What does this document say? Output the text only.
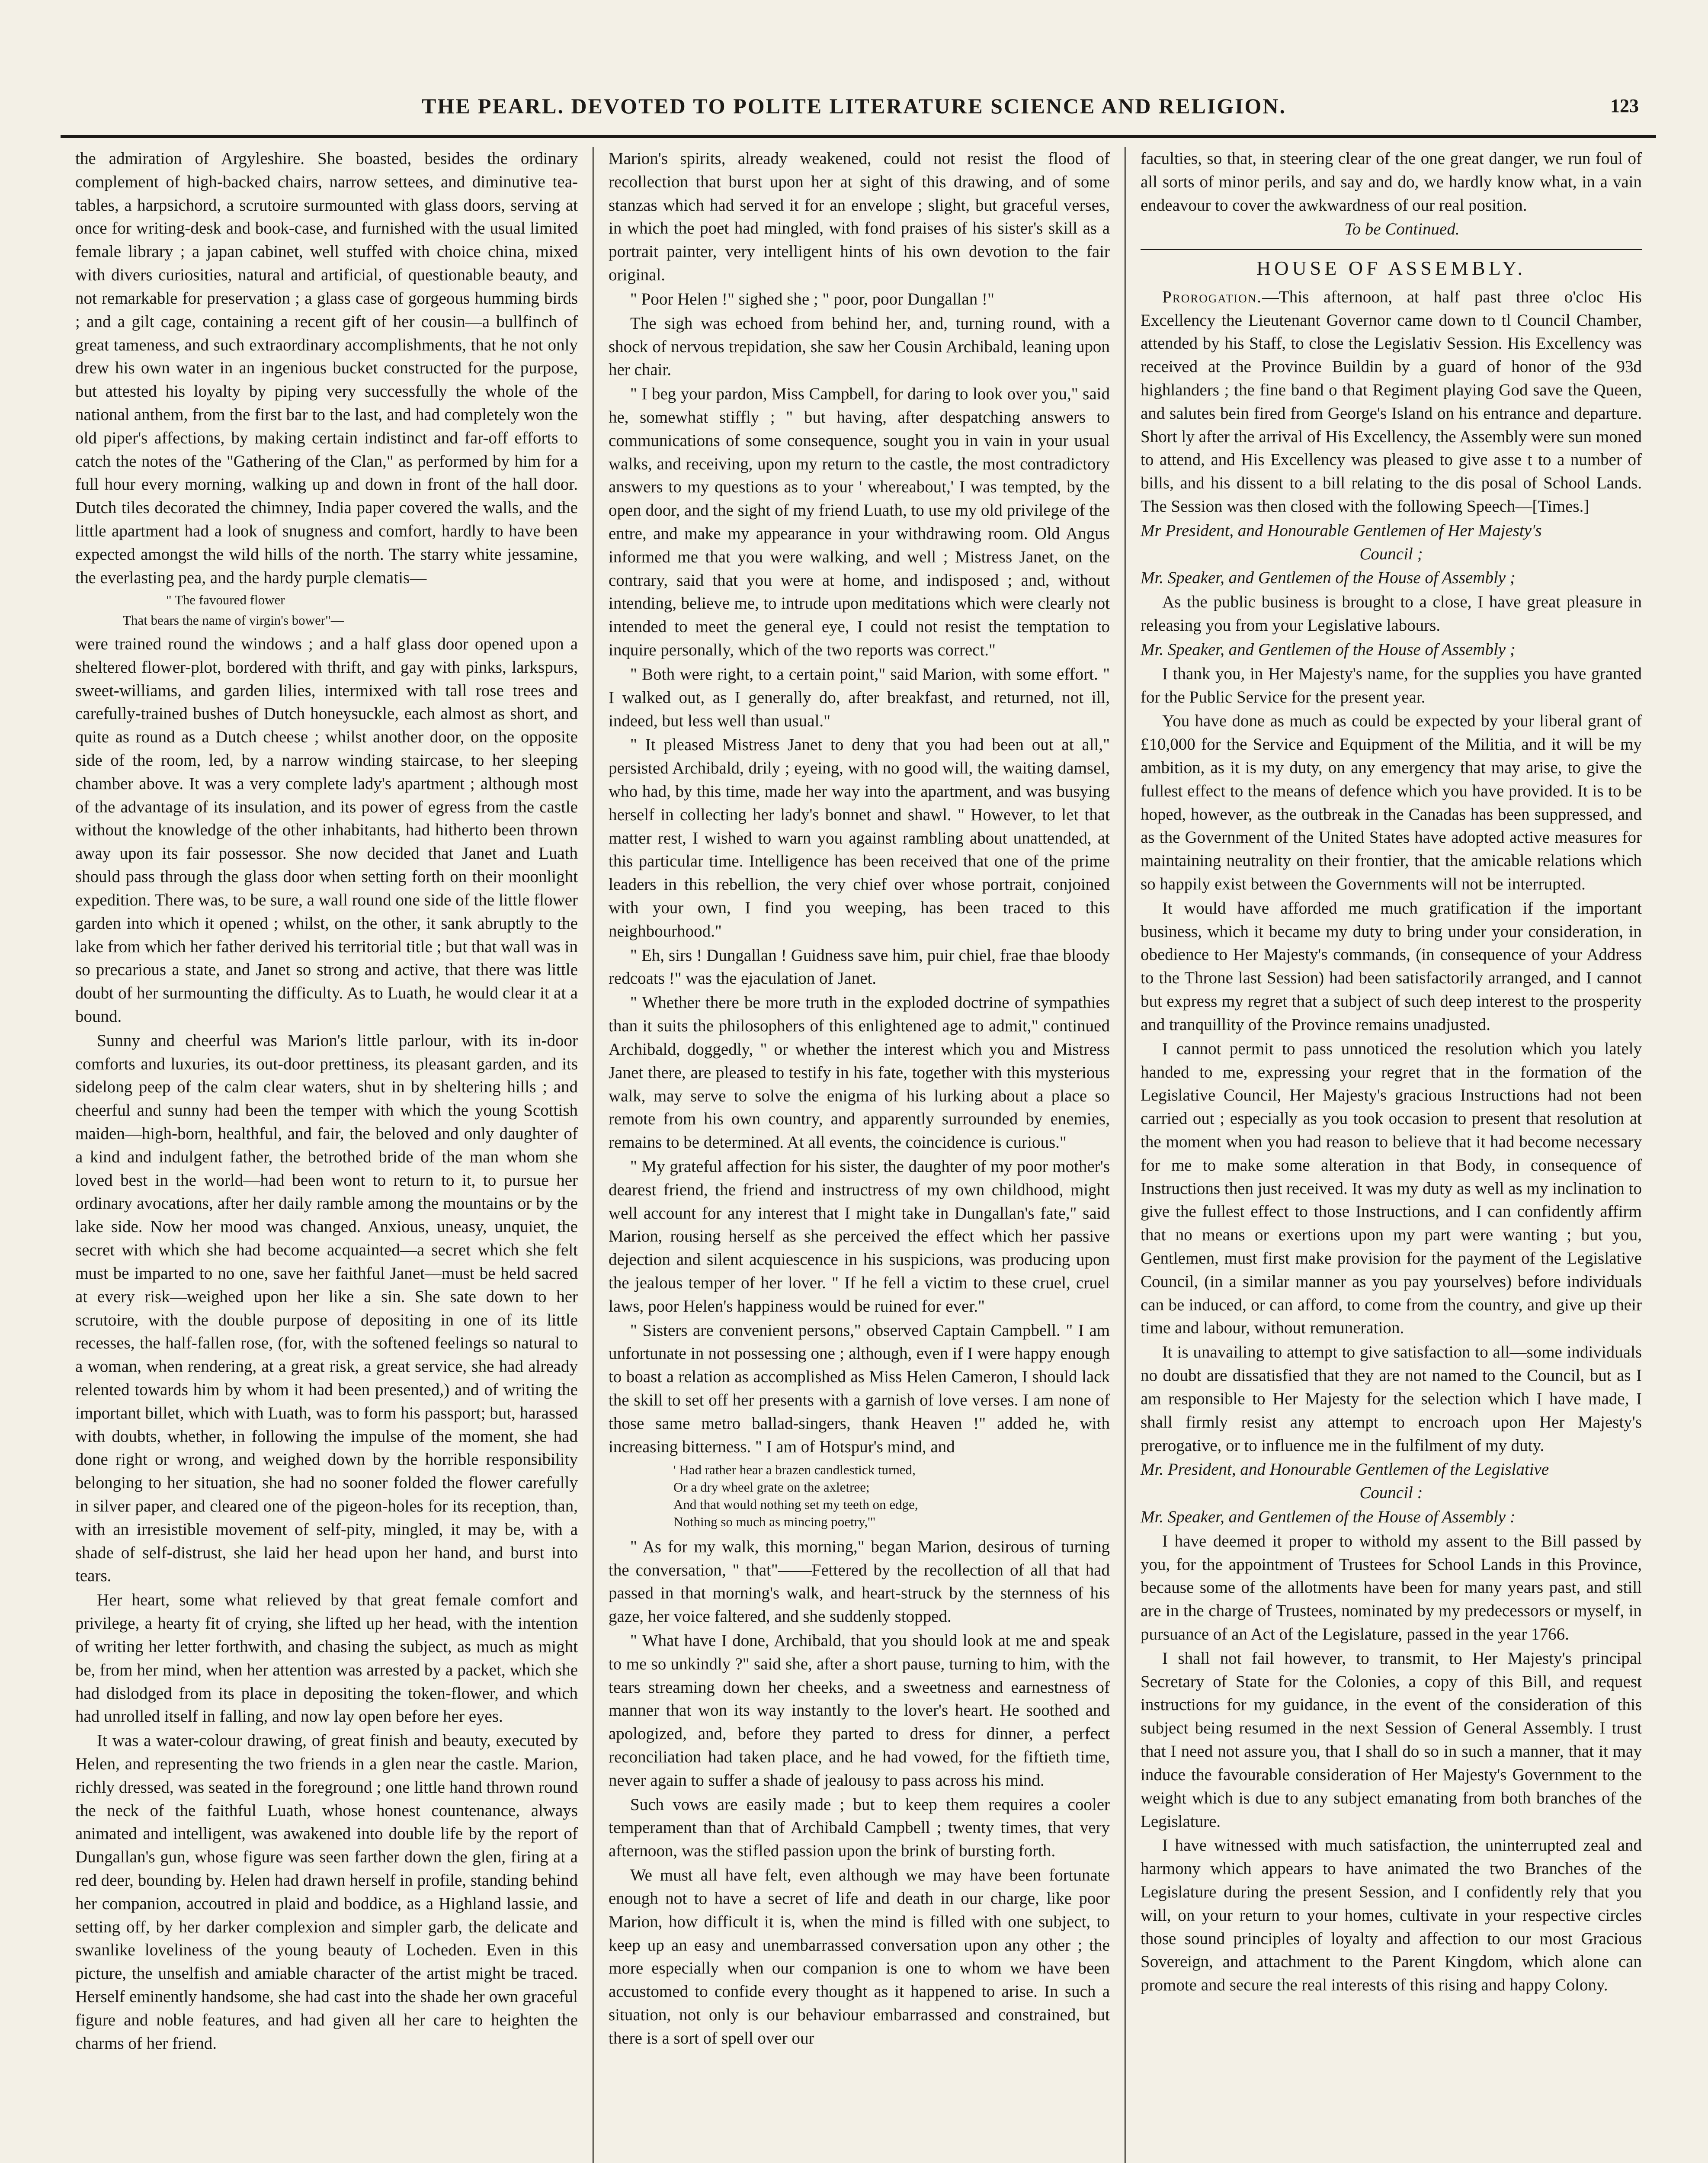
THE PEARL. DEVOTED TO POLITE LITERATURE SCIENCE AND RELIGION.	123

the admiration of Argyleshire. She boasted, besides the ordinary complement of high-backed chairs, narrow settees, and diminutive tea-tables, a harpsichord, a scrutoire surmounted with glass doors, serving at once for writing-desk and book-case, and furnished with the usual limited female library ; a japan cabinet, well stuffed with choice china, mixed with divers curiosities, natural and artificial, of questionable beauty, and not remarkable for preservation ; a glass case of gorgeous humming birds ; and a gilt cage, containing a recent gift of her cousin—a bullfinch of great tameness, and such extraordinary accomplishments, that he not only drew his own water in an ingenious bucket constructed for the purpose, but attested his loyalty by piping very successfully the whole of the national anthem, from the first bar to the last, and had completely won the old piper's affections, by making certain indistinct and far-off efforts to catch the notes of the "Gathering of the Clan," as performed by him for a full hour every morning, walking up and down in front of the hall door. Dutch tiles decorated the chimney, India paper covered the walls, and the little apartment had a look of snugness and comfort, hardly to have been expected amongst the wild hills of the north. The starry white jessamine, the everlasting pea, and the hardy purple clematis—

" The favoured flower

That bears the name of virgin's bower"—

were trained round the windows ; and a half glass door opened upon a sheltered flower-plot, bordered with thrift, and gay with pinks, larkspurs, sweet-williams, and garden lilies, intermixed with tall rose trees and carefully-trained bushes of Dutch honeysuckle, each almost as short, and quite as round as a Dutch cheese ; whilst another door, on the opposite side of the room, led, by a narrow winding staircase, to her sleeping chamber above. It was a very complete lady's apartment ; although most of the advantage of its insulation, and its power of egress from the castle without the knowledge of the other inhabitants, had hitherto been thrown away upon its fair possessor. She now decided that Janet and Luath should pass through the glass door when setting forth on their moonlight expedition. There was, to be sure, a wall round one side of the little flower garden into which it opened ; whilst, on the other, it sank abruptly to the lake from which her father derived his territorial title ; but that wall was in so precarious a state, and Janet so strong and active, that there was little doubt of her surmounting the difficulty. As to Luath, he would clear it at a bound.

Sunny and cheerful was Marion's little parlour, with its in-door comforts and luxuries, its out-door prettiness, its pleasant garden, and its sidelong peep of the calm clear waters, shut in by sheltering hills ; and cheerful and sunny had been the temper with which the young Scottish maiden—high-born, healthful, and fair, the beloved and only daughter of a kind and indulgent father, the betrothed bride of the man whom she loved best in the world—had been wont to return to it, to pursue her ordinary avocations, after her daily ramble among the mountains or by the lake side. Now her mood was changed. Anxious, uneasy, unquiet, the secret with which she had become acquainted—a secret which she felt must be imparted to no one, save her faithful Janet—must be held sacred at every risk—weighed upon her like a sin. She sate down to her scrutoire, with the double purpose of depositing in one of its little recesses, the half-fallen rose, (for, with the softened feelings so natural to a woman, when rendering, at a great risk, a great service, she had already relented towards him by whom it had been presented,) and of writing the important billet, which with Luath, was to form his passport; but, harassed with doubts, whether, in following the impulse of the moment, she had done right or wrong, and weighed down by the horrible responsibility belonging to her situation, she had no sooner folded the flower carefully in silver paper, and cleared one of the pigeon-holes for its reception, than, with an irresistible movement of self-pity, mingled, it may be, with a shade of self-distrust, she laid her head upon her hand, and burst into tears.

Her heart, some what relieved by that great female comfort and privilege, a hearty fit of crying, she lifted up her head, with the intention of writing her letter forthwith, and chasing the subject, as much as might be, from her mind, when her attention was arrested by a packet, which she had dislodged from its place in depositing the token-flower, and which had unrolled itself in falling, and now lay open before her eyes.

It was a water-colour drawing, of great finish and beauty, executed by Helen, and representing the two friends in a glen near the castle. Marion, richly dressed, was seated in the foreground ; one little hand thrown round the neck of the faithful Luath, whose honest countenance, always animated and intelligent, was awakened into double life by the report of Dungallan's gun, whose figure was seen farther down the glen, firing at a red deer, bounding by. Helen had drawn herself in profile, standing behind her companion, accoutred in plaid and boddice, as a Highland lassie, and setting off, by her darker complexion and simpler garb, the delicate and swanlike loveliness of the young beauty of Locheden. Even in this picture, the unselfish and amiable character of the artist might be traced. Herself eminently handsome, she had cast into the shade her own graceful figure and noble features, and had given all her care to heighten the charms of her friend.

Marion's spirits, already weakened, could not resist the flood of recollection that burst upon her at sight of this drawing, and of some stanzas which had served it for an envelope ; slight, but graceful verses, in which the poet had mingled, with fond praises of his sister's skill as a portrait painter, very intelligent hints of his own devotion to the fair original.

" Poor Helen !" sighed she ; " poor, poor Dungallan !"

The sigh was echoed from behind her, and, turning round, with a shock of nervous trepidation, she saw her Cousin Archibald, leaning upon her chair.

" I beg your pardon, Miss Campbell, for daring to look over you," said he, somewhat stiffly ; " but having, after despatching answers to communications of some consequence, sought you in vain in your usual walks, and receiving, upon my return to the castle, the most contradictory answers to my questions as to your ' whereabout,' I was tempted, by the open door, and the sight of my friend Luath, to use my old privilege of the entre, and make my appearance in your withdrawing room. Old Angus informed me that you were walking, and well ; Mistress Janet, on the contrary, said that you were at home, and indisposed ; and, without intending, believe me, to intrude upon meditations which were clearly not intended to meet the general eye, I could not resist the temptation to inquire personally, which of the two reports was correct."

" Both were right, to a certain point," said Marion, with some effort. " I walked out, as I generally do, after breakfast, and returned, not ill, indeed, but less well than usual."

" It pleased Mistress Janet to deny that you had been out at all," persisted Archibald, drily ; eyeing, with no good will, the waiting damsel, who had, by this time, made her way into the apartment, and was busying herself in collecting her lady's bonnet and shawl. " However, to let that matter rest, I wished to warn you against rambling about unattended, at this particular time. Intelligence has been received that one of the prime leaders in this rebellion, the very chief over whose portrait, conjoined with your own, I find you weeping, has been traced to this neighbourhood."

" Eh, sirs ! Dungallan ! Guidness save him, puir chiel, frae thae bloody redcoats !" was the ejaculation of Janet.

" Whether there be more truth in the exploded doctrine of sympathies than it suits the philosophers of this enlightened age to admit," continued Archibald, doggedly, " or whether the interest which you and Mistress Janet there, are pleased to testify in his fate, together with this mysterious walk, may serve to solve the enigma of his lurking about a place so remote from his own country, and apparently surrounded by enemies, remains to be determined. At all events, the coincidence is curious."

" My grateful affection for his sister, the daughter of my poor mother's dearest friend, the friend and instructress of my own childhood, might well account for any interest that I might take in Dungallan's fate," said Marion, rousing herself as she perceived the effect which her passive dejection and silent acquiescence in his suspicions, was producing upon the jealous temper of her lover. " If he fell a victim to these cruel, cruel laws, poor Helen's happiness would be ruined for ever."

" Sisters are convenient persons," observed Captain Campbell. " I am unfortunate in not possessing one ; although, even if I were happy enough to boast a relation as accomplished as Miss Helen Cameron, I should lack the skill to set off her presents with a garnish of love verses. I am none of those same metro ballad-singers, thank Heaven !" added he, with increasing bitterness. " I am of Hotspur's mind, and

' Had rather hear a brazen candlestick turned,
Or a dry wheel grate on the axletree;
And that would nothing set my teeth on edge,
Nothing so much as mincing poetry,'"

" As for my walk, this morning," began Marion, desirous of turning the conversation, " that"——Fettered by the recollection of all that had passed in that morning's walk, and heart-struck by the sternness of his gaze, her voice faltered, and she suddenly stopped.

" What have I done, Archibald, that you should look at me and speak to me so unkindly ?" said she, after a short pause, turning to him, with the tears streaming down her cheeks, and a sweetness and earnestness of manner that won its way instantly to the lover's heart. He soothed and apologized, and, before they parted to dress for dinner, a perfect reconciliation had taken place, and he had vowed, for the fiftieth time, never again to suffer a shade of jealousy to pass across his mind.

Such vows are easily made ; but to keep them requires a cooler temperament than that of Archibald Campbell ; twenty times, that very afternoon, was the stifled passion upon the brink of bursting forth.

We must all have felt, even although we may have been fortunate enough not to have a secret of life and death in our charge, like poor Marion, how difficult it is, when the mind is filled with one subject, to keep up an easy and unembarrassed conversation upon any other ; the more especially when our companion is one to whom we have been accustomed to confide every thought as it happened to arise. In such a situation, not only is our behaviour embarrassed and constrained, but there is a sort of spell over our

faculties, so that, in steering clear of the one great danger, we run foul of all sorts of minor perils, and say and do, we hardly know what, in a vain endeavour to cover the awkwardness of our real position.

To be Continued.

HOUSE OF ASSEMBLY.

Prorogation.—This afternoon, at half past three o'cloc His Excellency the Lieutenant Governor came down to tl Council Chamber, attended by his Staff, to close the Legislativ Session. His Excellency was received at the Province Buildin by a guard of honor of the 93d highlanders ; the fine band o that Regiment playing God save the Queen, and salutes bein fired from George's Island on his entrance and departure. Short ly after the arrival of His Excellency, the Assembly were sun moned to attend, and His Excellency was pleased to give asse t to a number of bills, and his dissent to a bill relating to the dis posal of School Lands. The Session was then closed with the following Speech—[Times.]

Mr President, and Honourable Gentlemen of Her Majesty's

Council ;

Mr. Speaker, and Gentlemen of the House of Assembly ;

As the public business is brought to a close, I have great pleasure in releasing you from your Legislative labours.

Mr. Speaker, and Gentlemen of the House of Assembly ;

I thank you, in Her Majesty's name, for the supplies you have granted for the Public Service for the present year.

You have done as much as could be expected by your liberal grant of £10,000 for the Service and Equipment of the Militia, and it will be my ambition, as it is my duty, on any emergency that may arise, to give the fullest effect to the means of defence which you have provided. It is to be hoped, however, as the outbreak in the Canadas has been suppressed, and as the Government of the United States have adopted active measures for maintaining neutrality on their frontier, that the amicable relations which so happily exist between the Governments will not be interrupted.

It would have afforded me much gratification if the important business, which it became my duty to bring under your consideration, in obedience to Her Majesty's commands, (in consequence of your Address to the Throne last Session) had been satisfactorily arranged, and I cannot but express my regret that a subject of such deep interest to the prosperity and tranquillity of the Province remains unadjusted.

I cannot permit to pass unnoticed the resolution which you lately handed to me, expressing your regret that in the formation of the Legislative Council, Her Majesty's gracious Instructions had not been carried out ; especially as you took occasion to present that resolution at the moment when you had reason to believe that it had become necessary for me to make some alteration in that Body, in consequence of Instructions then just received. It was my duty as well as my inclination to give the fullest effect to those Instructions, and I can confidently affirm that no means or exertions upon my part were wanting ; but you, Gentlemen, must first make provision for the payment of the Legislative Council, (in a similar manner as you pay yourselves) before individuals can be induced, or can afford, to come from the country, and give up their time and labour, without remuneration.

It is unavailing to attempt to give satisfaction to all—some individuals no doubt are dissatisfied that they are not named to the Council, but as I am responsible to Her Majesty for the selection which I have made, I shall firmly resist any attempt to encroach upon Her Majesty's prerogative, or to influence me in the fulfilment of my duty.

Mr. President, and Honourable Gentlemen of the Legislative

Council :

Mr. Speaker, and Gentlemen of the House of Assembly :

I have deemed it proper to withold my assent to the Bill passed by you, for the appointment of Trustees for School Lands in this Province, because some of the allotments have been for many years past, and still are in the charge of Trustees, nominated by my predecessors or myself, in pursuance of an Act of the Legislature, passed in the year 1766.

I shall not fail however, to transmit, to Her Majesty's principal Secretary of State for the Colonies, a copy of this Bill, and request instructions for my guidance, in the event of the consideration of this subject being resumed in the next Session of General Assembly. I trust that I need not assure you, that I shall do so in such a manner, that it may induce the favourable consideration of Her Majesty's Government to the weight which is due to any subject emanating from both branches of the Legislature.

I have witnessed with much satisfaction, the uninterrupted zeal and harmony which appears to have animated the two Branches of the Legislature during the present Session, and I confidently rely that you will, on your return to your homes, cultivate in your respective circles those sound principles of loyalty and affection to our most Gracious Sovereign, and attachment to the Parent Kingdom, which alone can promote and secure the real interests of this rising and happy Colony.
